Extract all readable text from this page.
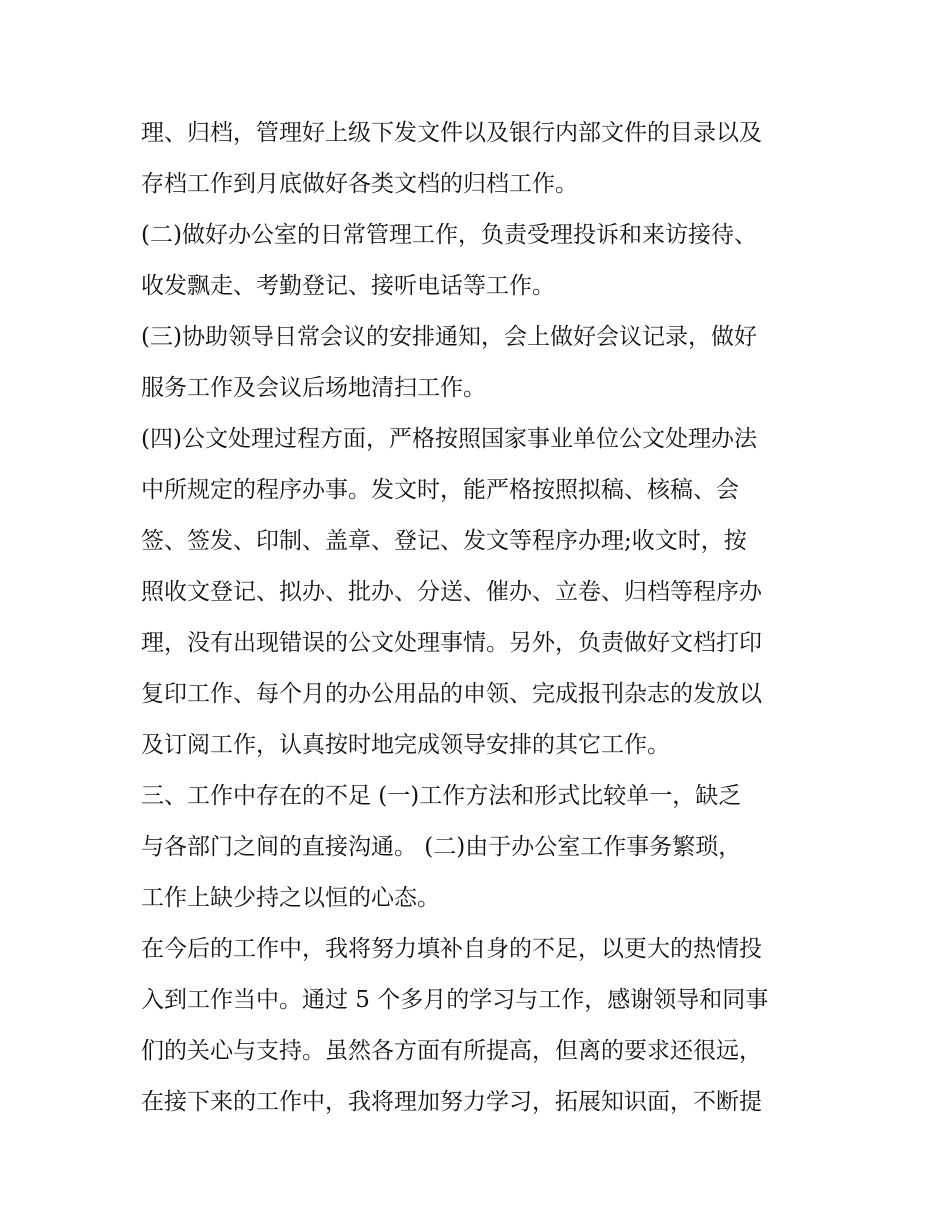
理、归档，管理好上级下发文件以及银行内部文件的目录以及
存档工作到月底做好各类文档的归档工作。
(二)做好办公室的日常管理工作，负责受理投诉和来访接待、
收发飘走、考勤登记、接听电话等工作。
(三)协助领导日常会议的安排通知，会上做好会议记录，做好
服务工作及会议后场地清扫工作。
(四)公文处理过程方面，严格按照国家事业单位公文处理办法
中所规定的程序办事。发文时，能严格按照拟稿、核稿、会
签、签发、印制、盖章、登记、发文等程序办理;收文时，按
照收文登记、拟办、批办、分送、催办、立卷、归档等程序办
理，没有出现错误的公文处理事情。另外，负责做好文档打印
复印工作、每个月的办公用品的申领、完成报刊杂志的发放以
及订阅工作，认真按时地完成领导安排的其它工作。
三、工作中存在的不足 (一)工作方法和形式比较单一，缺乏
与各部门之间的直接沟通。 (二)由于办公室工作事务繁琐，
工作上缺少持之以恒的心态。
在今后的工作中，我将努力填补自身的不足，以更大的热情投
入到工作当中。通过 5 个多月的学习与工作，感谢领导和同事
们的关心与支持。虽然各方面有所提高，但离的要求还很远，
在接下来的工作中，我将理加努力学习，拓展知识面，不断提
